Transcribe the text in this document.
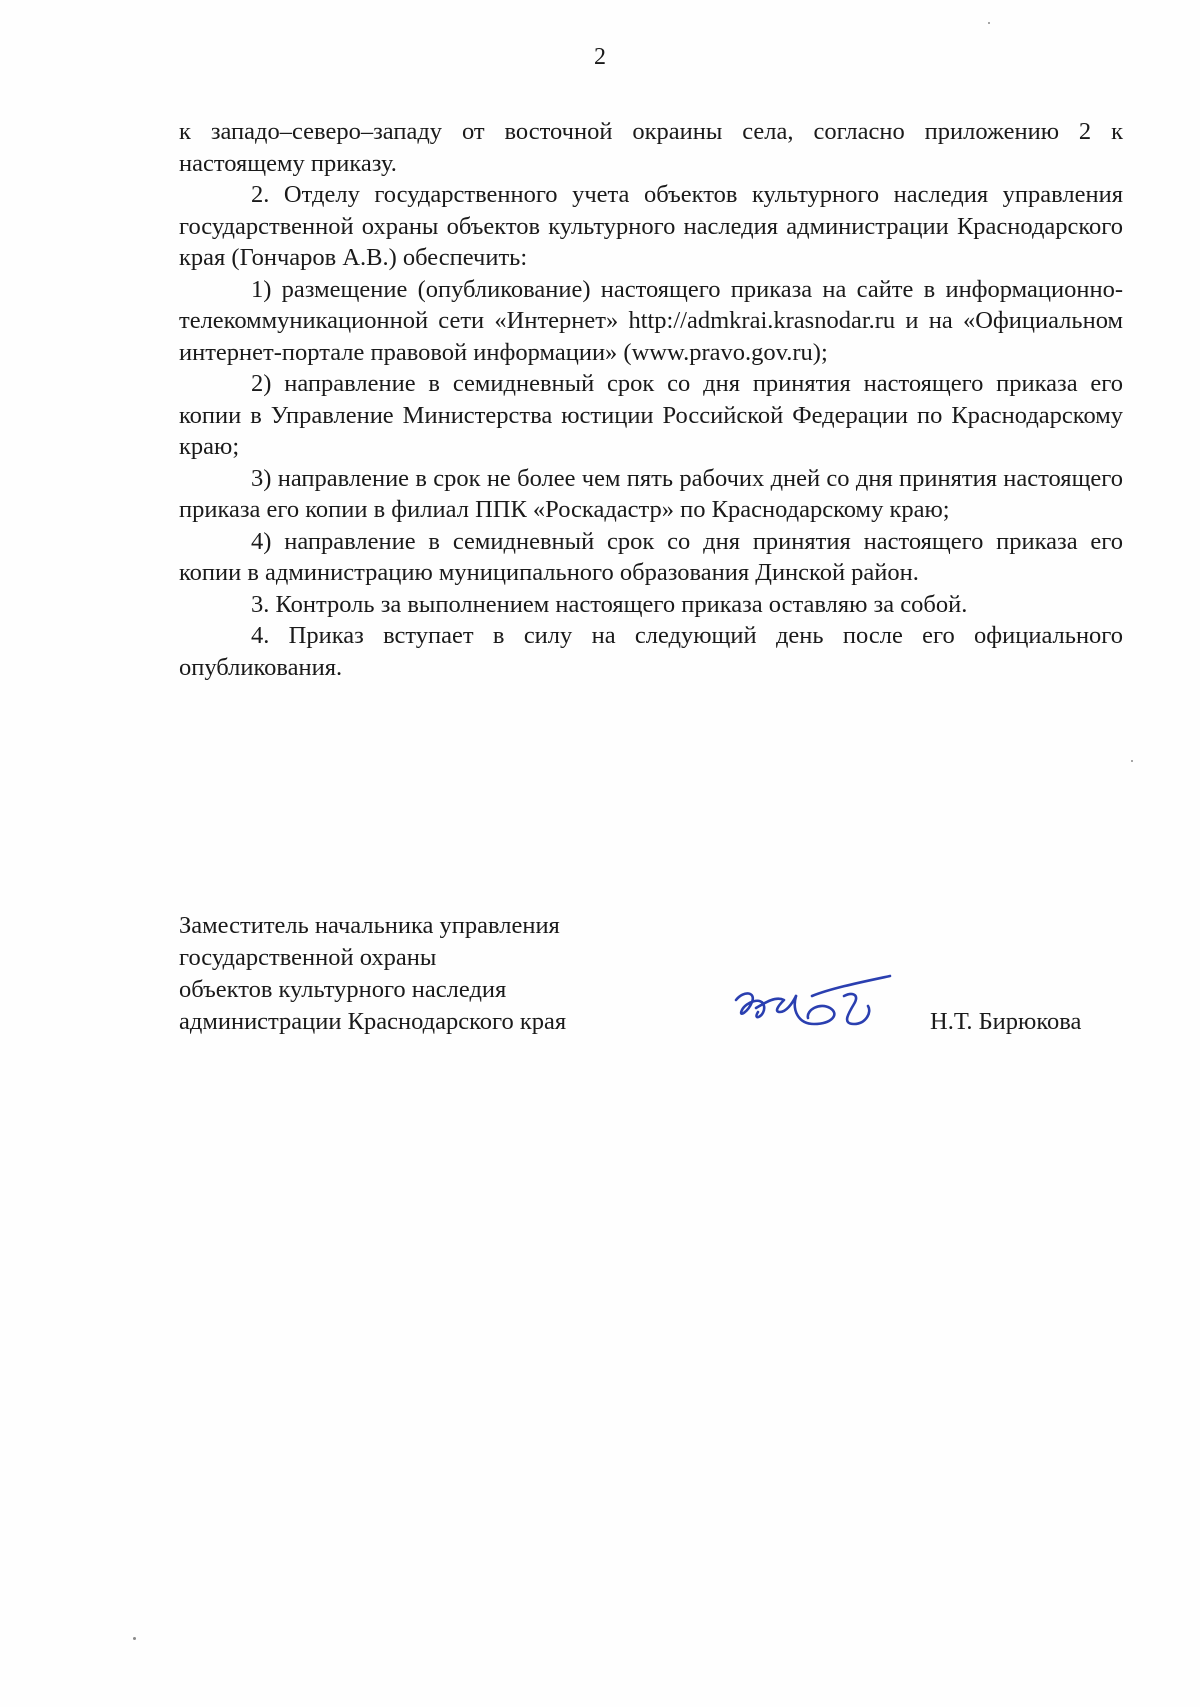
2

к западо–северо–западу от восточной окраины села, согласно приложению 2 к настоящему приказу.

2. Отделу государственного учета объектов культурного наследия управления государственной охраны объектов культурного наследия администрации Краснодарского края (Гончаров А.В.) обеспечить:

1) размещение (опубликование) настоящего приказа на сайте в информационно-телекоммуникационной сети «Интернет» http://admkrai.krasnodar.ru и на «Официальном интернет-портале правовой информации» (www.pravo.gov.ru);

2) направление в семидневный срок со дня принятия настоящего приказа его копии в Управление Министерства юстиции Российской Федерации по Краснодарскому краю;

3) направление в срок не более чем пять рабочих дней со дня принятия настоящего приказа его копии в филиал ППК «Роскадастр» по Краснодарскому краю;

4) направление в семидневный срок со дня принятия настоящего приказа его копии в администрацию муниципального образования Динской район.

3. Контроль за выполнением настоящего приказа оставляю за собой.

4. Приказ вступает в силу на следующий день после его официального опубликования.

Заместитель начальника управления
государственной охраны
объектов культурного наследия
администрации Краснодарского края	Н.Т. Бирюкова
